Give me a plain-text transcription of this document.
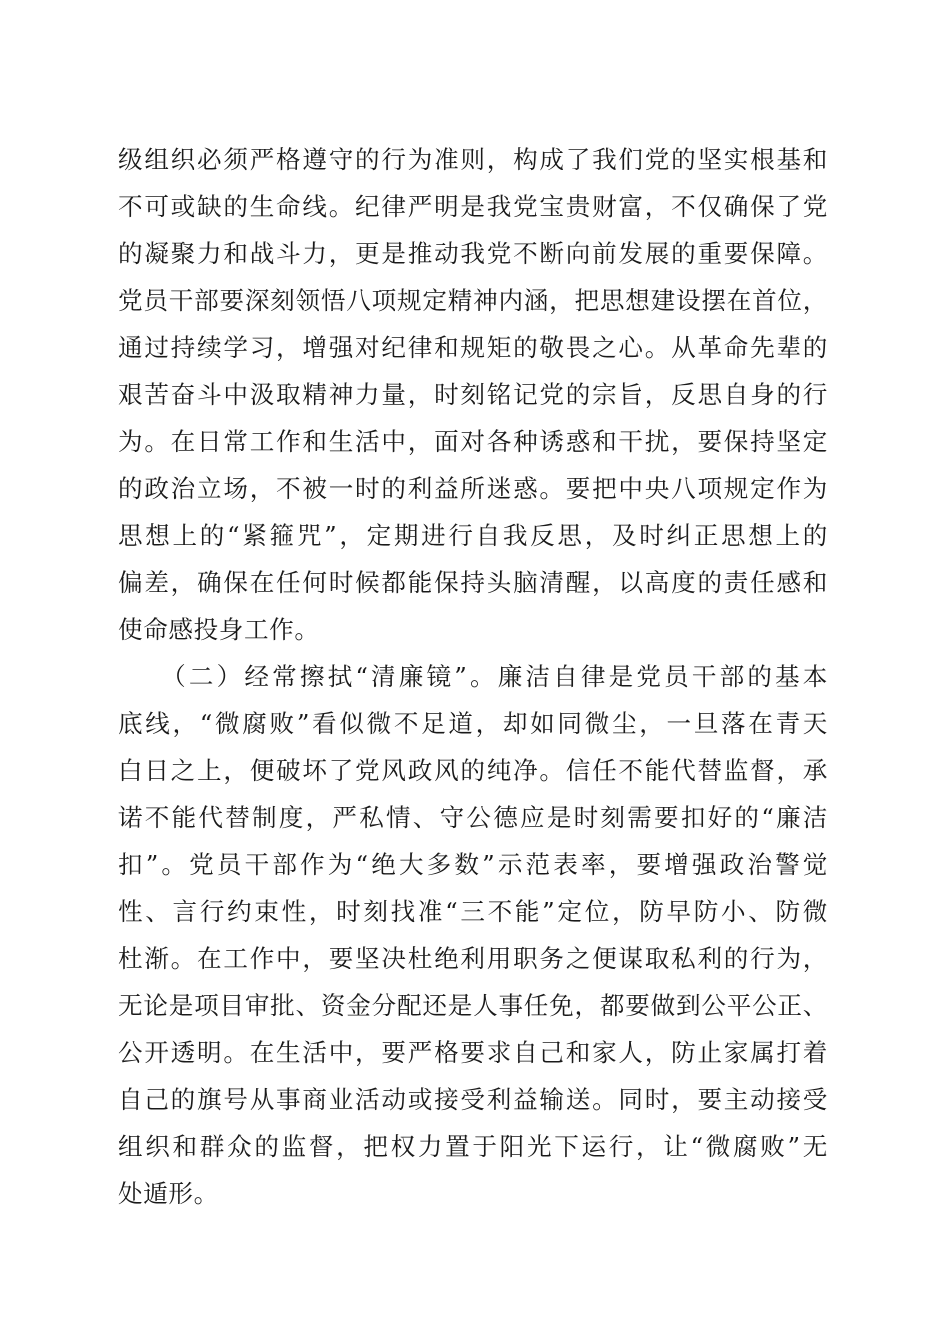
级组织必须严格遵守的行为准则，构成了我们党的坚实根基和
不可或缺的生命线。纪律严明是我党宝贵财富，不仅确保了党
的凝聚力和战斗力，更是推动我党不断向前发展的重要保障。
党员干部要深刻领悟八项规定精神内涵，把思想建设摆在首位，
通过持续学习，增强对纪律和规矩的敬畏之心。从革命先辈的
艰苦奋斗中汲取精神力量，时刻铭记党的宗旨，反思自身的行
为。在日常工作和生活中，面对各种诱惑和干扰，要保持坚定
的政治立场，不被一时的利益所迷惑。要把中央八项规定作为
思想上的“紧箍咒”，定期进行自我反思，及时纠正思想上的
偏差，确保在任何时候都能保持头脑清醒，以高度的责任感和
使命感投身工作。
　　（二）经常擦拭“清廉镜”。廉洁自律是党员干部的基本
底线，“微腐败”看似微不足道，却如同微尘，一旦落在青天
白日之上，便破坏了党风政风的纯净。信任不能代替监督，承
诺不能代替制度，严私情、守公德应是时刻需要扣好的“廉洁
扣”。党员干部作为“绝大多数”示范表率，要增强政治警觉
性、言行约束性，时刻找准“三不能”定位，防早防小、防微
杜渐。在工作中，要坚决杜绝利用职务之便谋取私利的行为，
无论是项目审批、资金分配还是人事任免，都要做到公平公正、
公开透明。在生活中，要严格要求自己和家人，防止家属打着
自己的旗号从事商业活动或接受利益输送。同时，要主动接受
组织和群众的监督，把权力置于阳光下运行，让“微腐败”无
处遁形。
